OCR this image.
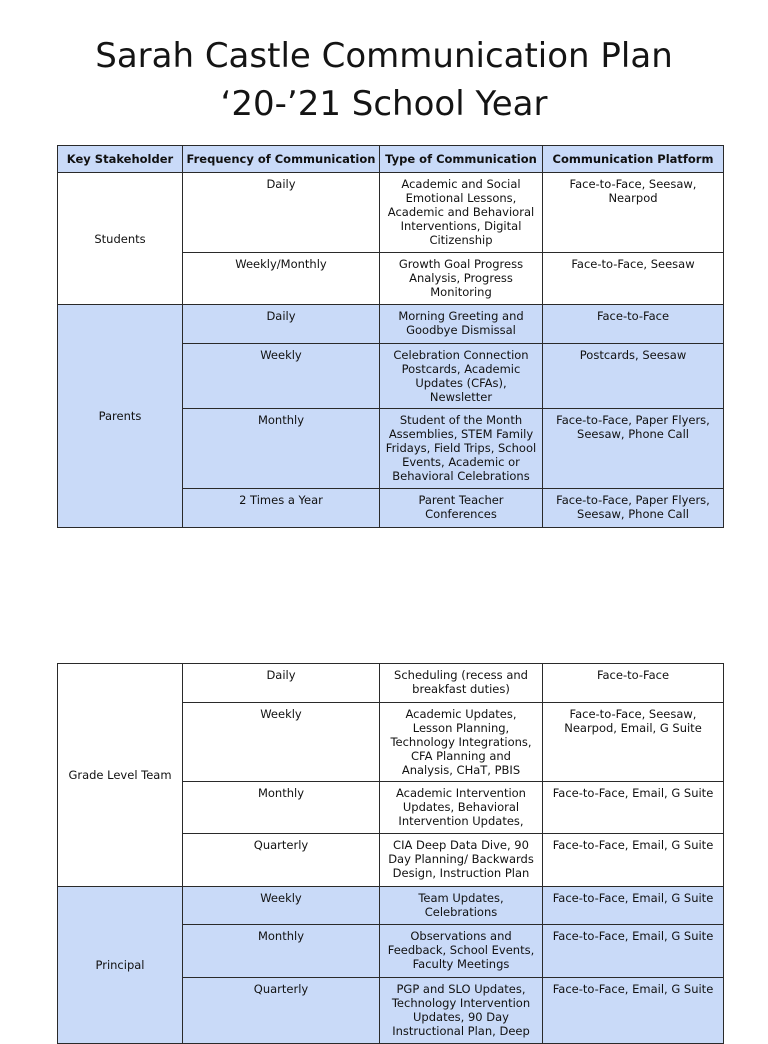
Sarah Castle Communication Plan
‘20-’21 School Year
Key Stakeholder	Frequency of Communication	Type of Communication	Communication Platform
Students	Daily	Academic and Social Emotional Lessons, Academic and Behavioral Interventions, Digital Citizenship	Face-to-Face, Seesaw, Nearpod
	Weekly/Monthly	Growth Goal Progress Analysis, Progress Monitoring	Face-to-Face, Seesaw
Parents	Daily	Morning Greeting and Goodbye Dismissal	Face-to-Face
	Weekly	Celebration Connection Postcards, Academic Updates (CFAs), Newsletter	Postcards, Seesaw
	Monthly	Student of the Month Assemblies, STEM Family Fridays, Field Trips, School Events, Academic or Behavioral Celebrations	Face-to-Face, Paper Flyers, Seesaw, Phone Call
	2 Times a Year	Parent Teacher Conferences	Face-to-Face, Paper Flyers, Seesaw, Phone Call
Grade Level Team	Daily	Scheduling (recess and breakfast duties)	Face-to-Face
	Weekly	Academic Updates, Lesson Planning, Technology Integrations, CFA Planning and Analysis, CHaT, PBIS	Face-to-Face, Seesaw, Nearpod, Email, G Suite
	Monthly	Academic Intervention Updates, Behavioral Intervention Updates,	Face-to-Face, Email, G Suite
	Quarterly	CIA Deep Data Dive, 90 Day Planning/ Backwards Design, Instruction Plan	Face-to-Face, Email, G Suite
Principal	Weekly	Team Updates, Celebrations	Face-to-Face, Email, G Suite
	Monthly	Observations and Feedback, School Events, Faculty Meetings	Face-to-Face, Email, G Suite
	Quarterly	PGP and SLO Updates, Technology Intervention Updates, 90 Day Instructional Plan, Deep	Face-to-Face, Email, G Suite
